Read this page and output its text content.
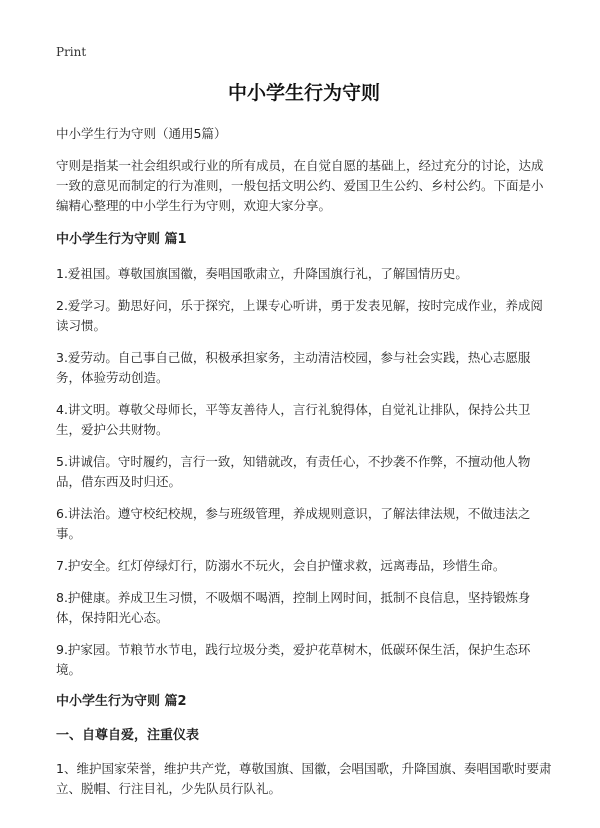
Print
中小学生行为守则
中小学生行为守则（通用5篇）
守则是指某一社会组织或行业的所有成员，在自觉自愿的基础上，经过充分的讨论，达成一致的意见而制定的行为准则，一般包括文明公约、爱国卫生公约、乡村公约。下面是小编精心整理的中小学生行为守则，欢迎大家分享。
中小学生行为守则 篇1
1.爱祖国。尊敬国旗国徽，奏唱国歌肃立，升降国旗行礼，了解国情历史。
2.爱学习。勤思好问，乐于探究，上课专心听讲，勇于发表见解，按时完成作业，养成阅读习惯。
3.爱劳动。自己事自己做，积极承担家务，主动清洁校园，参与社会实践，热心志愿服务，体验劳动创造。
4.讲文明。尊敬父母师长，平等友善待人，言行礼貌得体，自觉礼让排队，保持公共卫生，爱护公共财物。
5.讲诚信。守时履约，言行一致，知错就改，有责任心，不抄袭不作弊，不擅动他人物品，借东西及时归还。
6.讲法治。遵守校纪校规，参与班级管理，养成规则意识，了解法律法规，不做违法之事。
7.护安全。红灯停绿灯行，防溺水不玩火，会自护懂求救，远离毒品，珍惜生命。
8.护健康。养成卫生习惯，不吸烟不喝酒，控制上网时间，抵制不良信息，坚持锻炼身体，保持阳光心态。
9.护家园。节粮节水节电，践行垃圾分类，爱护花草树木，低碳环保生活，保护生态环境。
中小学生行为守则 篇2
一、自尊自爱，注重仪表
1、维护国家荣誉，维护共产党，尊敬国旗、国徽，会唱国歌，升降国旗、奏唱国歌时要肃立、脱帽、行注目礼，少先队员行队礼。
